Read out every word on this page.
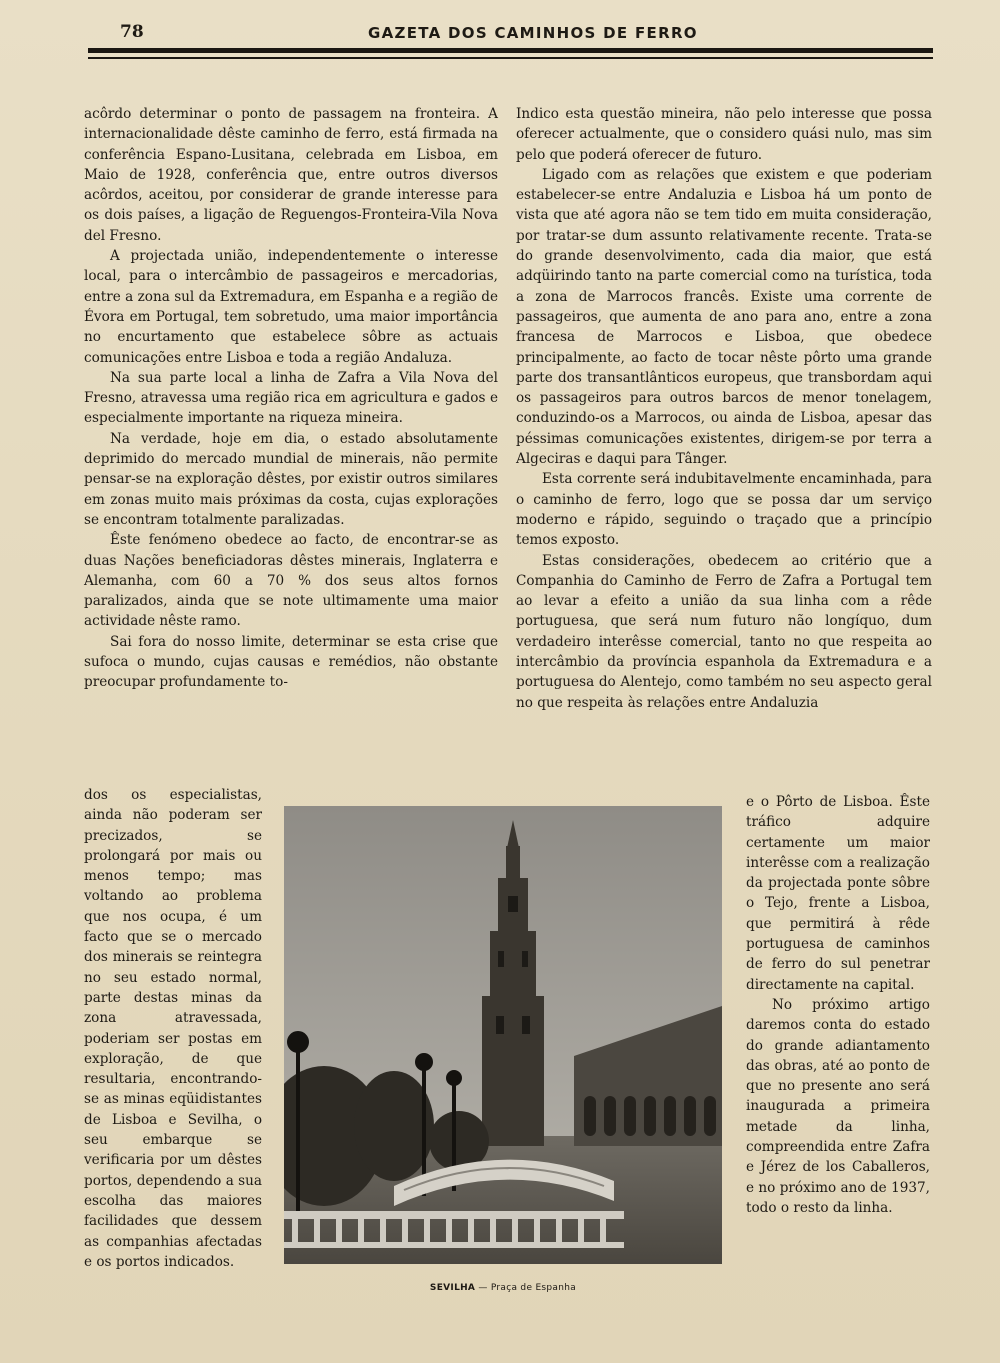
78	GAZETA DOS CAMINHOS DE FERRO

acôrdo determinar o ponto de passagem na fronteira. A internacionalidade dêste caminho de ferro, está firmada na conferência Espano-Lusitana, celebrada em Lisboa, em Maio de 1928, conferência que, entre outros diversos acôrdos, aceitou, por considerar de grande interesse para os dois países, a ligação de Reguengos-Fronteira-Vila Nova del Fresno.

A projectada união, independentemente o interesse local, para o intercâmbio de passageiros e mercadorias, entre a zona sul da Extremadura, em Espanha e a região de Évora em Portugal, tem sobretudo, uma maior importância no encurtamento que estabelece sôbre as actuais comunicações entre Lisboa e toda a região Andaluza.

Na sua parte local a linha de Zafra a Vila Nova del Fresno, atravessa uma região rica em agricultura e gados e especialmente importante na riqueza mineira.

Na verdade, hoje em dia, o estado absolutamente deprimido do mercado mundial de minerais, não permite pensar-se na exploração dêstes, por existir outros similares em zonas muito mais próximas da costa, cujas explorações se encontram totalmente paralizadas.

Êste fenómeno obedece ao facto, de encontrar-se as duas Nações beneficiadoras dêstes minerais, Inglaterra e Alemanha, com 60 a 70 % dos seus altos fornos paralizados, ainda que se note ultimamente uma maior actividade nêste ramo.

Sai fora do nosso limite, determinar se esta crise que sufoca o mundo, cujas causas e remédios, não obstante preocupar profundamente to-

dos os especialistas, ainda não poderam ser precizados, se prolongará por mais ou menos tempo; mas voltando ao problema que nos ocupa, é um facto que se o mercado dos minerais se reintegra no seu estado normal, parte destas minas da zona atravessada, poderiam ser postas em exploração, de que resultaria, encontrando-se as minas eqüidistantes de Lisboa e Sevilha, o seu embarque se verificaria por um dêstes portos, dependendo a sua escolha das maiores facilidades que dessem as companhias afectadas e os portos indicados.

Indico esta questão mineira, não pelo interesse que possa oferecer actualmente, que o considero quási nulo, mas sim pelo que poderá oferecer de futuro.

Ligado com as relações que existem e que poderiam estabelecer-se entre Andaluzia e Lisboa há um ponto de vista que até agora não se tem tido em muita consideração, por tratar-se dum assunto relativamente recente. Trata-se do grande desenvolvimento, cada dia maior, que está adqüirindo tanto na parte comercial como na turística, toda a zona de Marrocos francês. Existe uma corrente de passageiros, que aumenta de ano para ano, entre a zona francesa de Marrocos e Lisboa, que obedece principalmente, ao facto de tocar nêste pôrto uma grande parte dos transantlânticos europeus, que transbordam aqui os passageiros para outros barcos de menor tonelagem, conduzindo-os a Marrocos, ou ainda de Lisboa, apesar das péssimas comunicações existentes, dirigem-se por terra a Algeciras e daqui para Tânger.

Esta corrente será indubitavelmente encaminhada, para o caminho de ferro, logo que se possa dar um serviço moderno e rápido, seguindo o traçado que a princípio temos exposto.

Estas considerações, obedecem ao critério que a Companhia do Caminho de Ferro de Zafra a Portugal tem ao levar a efeito a união da sua linha com a rêde portuguesa, que será num futuro não longíquo, dum verdadeiro interêsse comercial, tanto no que respeita ao intercâmbio da província espanhola da Extremadura e a portuguesa do Alentejo, como também no seu aspecto geral no que respeita às relações entre Andaluzia

e o Pôrto de Lisboa. Êste tráfico adquire certamente um maior interêsse com a realização da projectada ponte sôbre o Tejo, frente a Lisboa, que permitirá à rêde portuguesa de caminhos de ferro do sul penetrar directamente na capital.

No próximo artigo daremos conta do estado do grande adiantamento das obras, até ao ponto de que no presente ano será inaugurada a primeira metade da linha, compreendida entre Zafra e Jérez de los Caballeros, e no próximo ano de 1937, todo o resto da linha.

SEVILHA — Praça de Espanha
